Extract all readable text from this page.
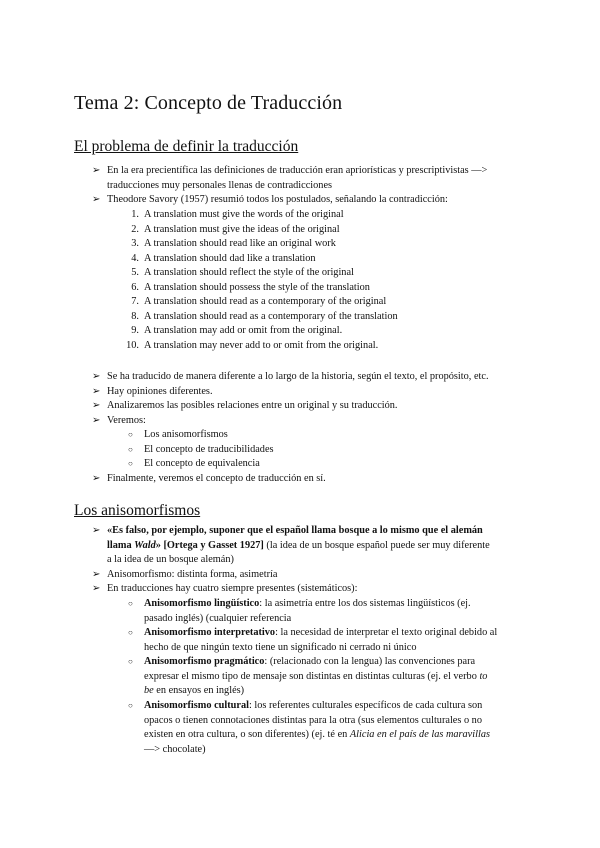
Tema 2: Concepto de Traducción
El problema de definir la traducción
➢ En la era precientífica las definiciones de traducción eran apriorísticas y prescriptivistas —>
traducciones muy personales llenas de contradicciones
➢ Theodore Savory (1957) resumió todos los postulados, señalando la contradicción:
1. A translation must give the words of the original
2. A translation must give the ideas of the original
3. A translation should read like an original work
4. A translation should dad like a translation
5. A translation should reflect the style of the original
6. A translation should possess the style of the translation
7. A translation should read as a contemporary of the original
8. A translation should read as a contemporary of the translation
9. A translation may add or omit from the original.
10. A translation may never add to or omit from the original.
➢ Se ha traducido de manera diferente a lo largo de la historia, según el texto, el propósito, etc.
➢ Hay opiniones diferentes.
➢ Analizaremos las posibles relaciones entre un original y su traducción.
➢ Veremos:
○ Los anisomorfismos
○ El concepto de traducibilidades
○ El concepto de equivalencia
➢ Finalmente, veremos el concepto de traducción en sí.
Los anisomorfismos
➢ «Es falso, por ejemplo, suponer que el español llama bosque a lo mismo que el alemán
llama Wald» [Ortega y Gasset 1927] (la idea de un bosque español puede ser muy diferente
a la idea de un bosque alemán)
➢ Anisomorfismo: distinta forma, asimetría
➢ En traducciones hay cuatro siempre presentes (sistemáticos):
○ Anisomorfismo lingüístico: la asimetría entre los dos sistemas lingüísticos (ej.
pasado inglés) (cualquier referencia
○ Anisomorfismo interpretativo: la necesidad de interpretar el texto original debido al
hecho de que ningún texto tiene un significado ni cerrado ni único
○ Anisomorfismo pragmático: (relacionado con la lengua) las convenciones para
expresar el mismo tipo de mensaje son distintas en distintas culturas (ej. el verbo to
be en ensayos en inglés)
○ Anisomorfismo cultural: los referentes culturales específicos de cada cultura son
opacos o tienen connotaciones distintas para la otra (sus elementos culturales o no
existen en otra cultura, o son diferentes) (ej. té en Alicia en el país de las maravillas
—> chocolate)
